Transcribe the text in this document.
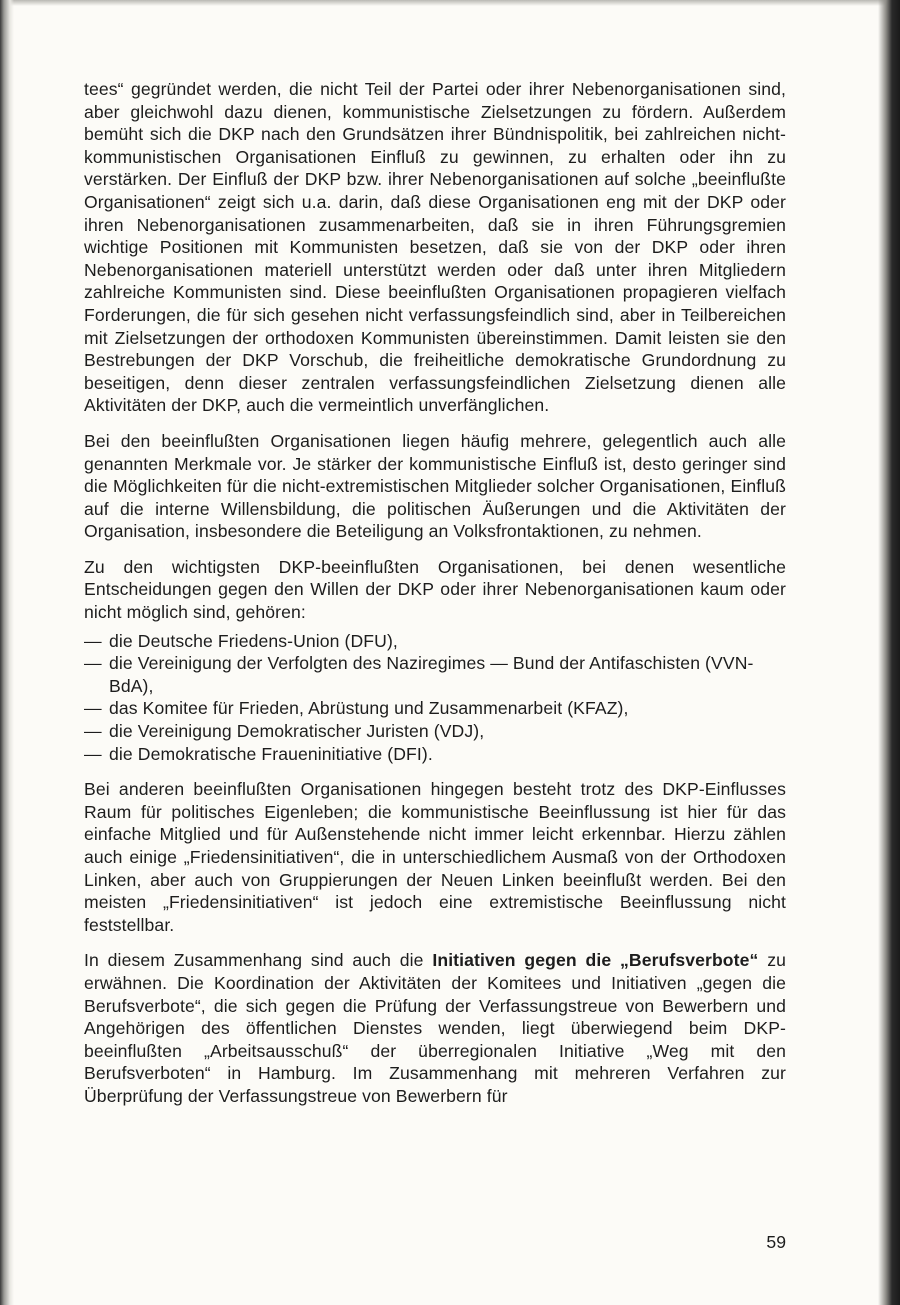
tees“ gegründet werden, die nicht Teil der Partei oder ihrer Nebenorganisationen sind, aber gleichwohl dazu dienen, kommunistische Zielsetzungen zu fördern. Außerdem bemüht sich die DKP nach den Grundsätzen ihrer Bündnispolitik, bei zahlreichen nicht-kommunistischen Organisationen Einfluß zu gewinnen, zu erhalten oder ihn zu verstärken. Der Einfluß der DKP bzw. ihrer Nebenorganisationen auf solche „beeinflußte Organisationen“ zeigt sich u.a. darin, daß diese Organisationen eng mit der DKP oder ihren Nebenorganisationen zusammenarbeiten, daß sie in ihren Führungsgremien wichtige Positionen mit Kommunisten besetzen, daß sie von der DKP oder ihren Nebenorganisationen materiell unterstützt werden oder daß unter ihren Mitgliedern zahlreiche Kommunisten sind. Diese beeinflußten Organisationen propagieren vielfach Forderungen, die für sich gesehen nicht verfassungsfeindlich sind, aber in Teilbereichen mit Zielsetzungen der orthodoxen Kommunisten übereinstimmen. Damit leisten sie den Bestrebungen der DKP Vorschub, die freiheitliche demokratische Grundordnung zu beseitigen, denn dieser zentralen verfassungsfeindlichen Zielsetzung dienen alle Aktivitäten der DKP, auch die vermeintlich unverfänglichen.

Bei den beeinflußten Organisationen liegen häufig mehrere, gelegentlich auch alle genannten Merkmale vor. Je stärker der kommunistische Einfluß ist, desto geringer sind die Möglichkeiten für die nicht-extremistischen Mitglieder solcher Organisationen, Einfluß auf die interne Willensbildung, die politischen Äußerungen und die Aktivitäten der Organisation, insbesondere die Beteiligung an Volksfrontaktionen, zu nehmen.

Zu den wichtigsten DKP-beeinflußten Organisationen, bei denen wesentliche Entscheidungen gegen den Willen der DKP oder ihrer Nebenorganisationen kaum oder nicht möglich sind, gehören:

— die Deutsche Friedens-Union (DFU),
— die Vereinigung der Verfolgten des Naziregimes — Bund der Antifaschisten (VVN-BdA),
— das Komitee für Frieden, Abrüstung und Zusammenarbeit (KFAZ),
— die Vereinigung Demokratischer Juristen (VDJ),
— die Demokratische Fraueninitiative (DFI).

Bei anderen beeinflußten Organisationen hingegen besteht trotz des DKP-Einflusses Raum für politisches Eigenleben; die kommunistische Beeinflussung ist hier für das einfache Mitglied und für Außenstehende nicht immer leicht erkennbar. Hierzu zählen auch einige „Friedensinitiativen“, die in unterschiedlichem Ausmaß von der Orthodoxen Linken, aber auch von Gruppierungen der Neuen Linken beeinflußt werden. Bei den meisten „Friedensinitiativen“ ist jedoch eine extremistische Beeinflussung nicht feststellbar.

In diesem Zusammenhang sind auch die Initiativen gegen die „Berufsverbote“ zu erwähnen. Die Koordination der Aktivitäten der Komitees und Initiativen „gegen die Berufsverbote“, die sich gegen die Prüfung der Verfassungstreue von Bewerbern und Angehörigen des öffentlichen Dienstes wenden, liegt überwiegend beim DKP- beeinflußten „Arbeitsausschuß“ der überregionalen Initiative „Weg mit den Berufsverboten“ in Hamburg. Im Zusammenhang mit mehreren Verfahren zur Überprüfung der Verfassungstreue von Bewerbern für

59
